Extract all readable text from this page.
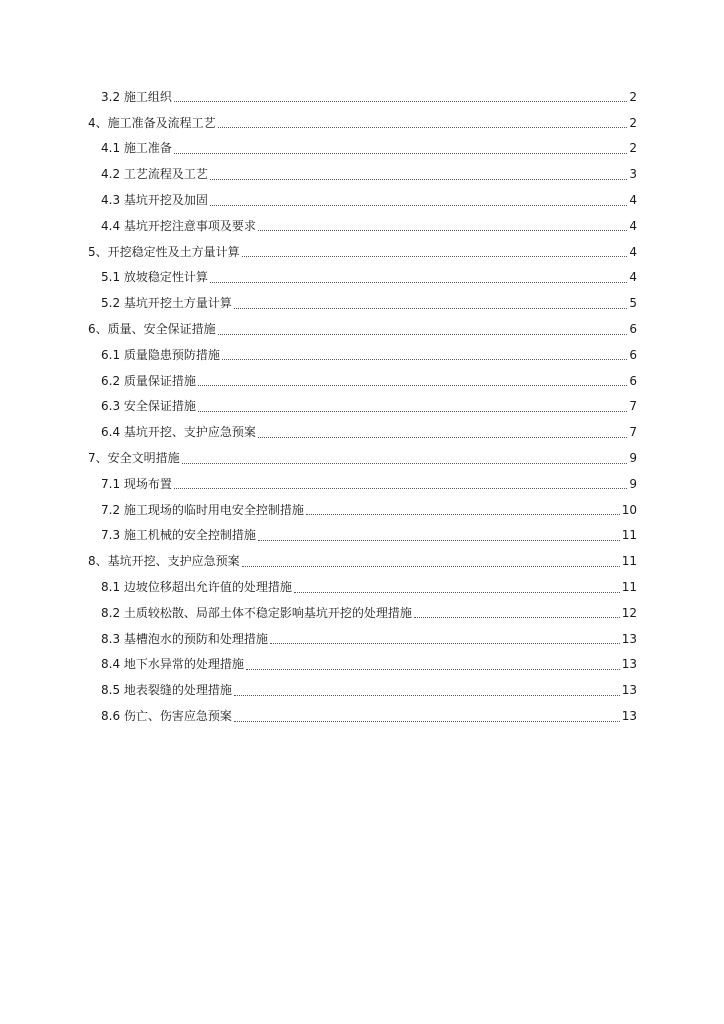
3.2 施工组织	2
4、施工准备及流程工艺	2
4.1 施工准备	2
4.2 工艺流程及工艺	3
4.3 基坑开挖及加固	4
4.4 基坑开挖注意事项及要求	4
5、开挖稳定性及土方量计算	4
5.1 放坡稳定性计算	4
5.2 基坑开挖土方量计算	5
6、质量、安全保证措施	6
6.1 质量隐患预防措施	6
6.2 质量保证措施	6
6.3 安全保证措施	7
6.4 基坑开挖、支护应急预案	7
7、安全文明措施	9
7.1 现场布置	9
7.2 施工现场的临时用电安全控制措施	10
7.3 施工机械的安全控制措施	11
8、基坑开挖、支护应急预案	11
8.1 边坡位移超出允许值的处理措施	11
8.2 土质较松散、局部土体不稳定影响基坑开挖的处理措施	12
8.3 基槽泡水的预防和处理措施	13
8.4 地下水异常的处理措施	13
8.5 地表裂缝的处理措施	13
8.6 伤亡、伤害应急预案	13
